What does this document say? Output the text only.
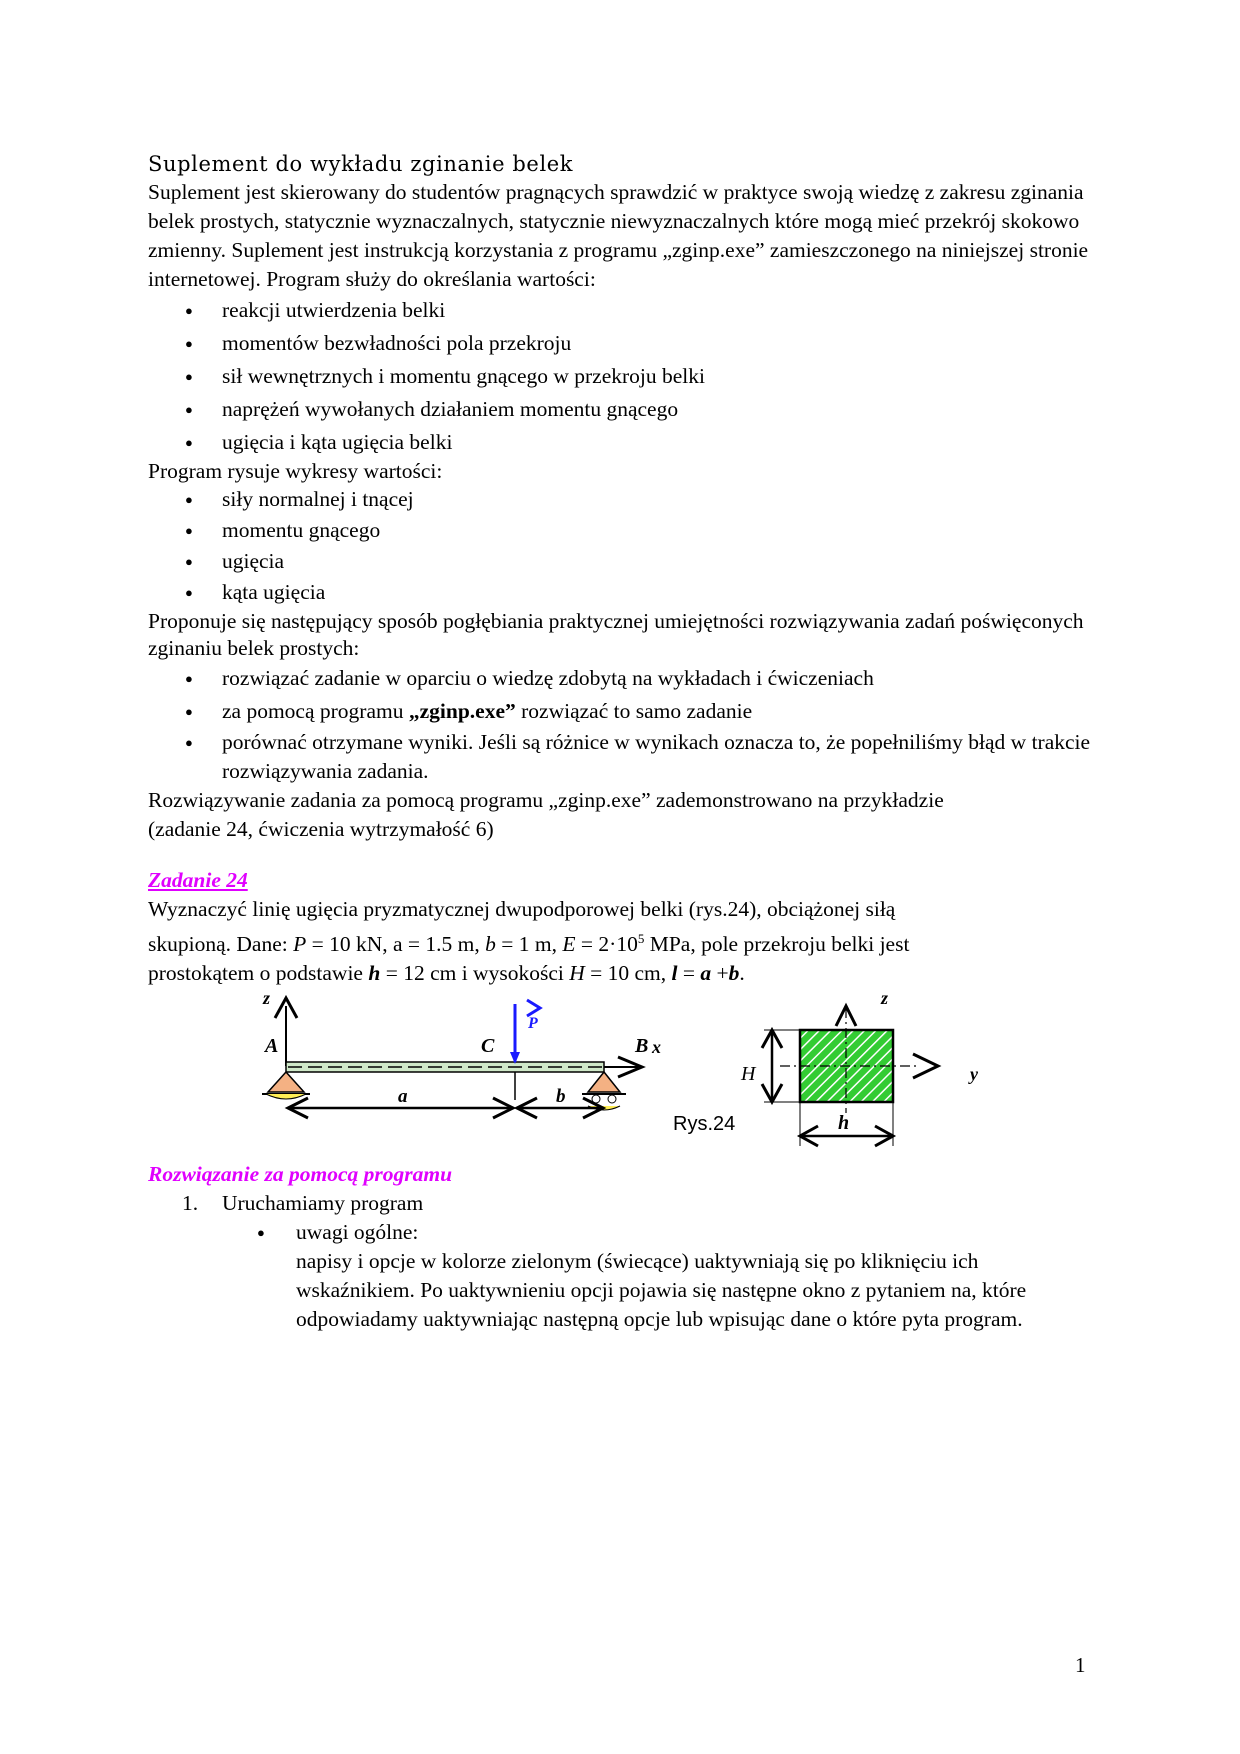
Suplement do wykładu zginanie belek

Suplement jest skierowany do studentów pragnących sprawdzić w praktyce swoją wiedzę z zakresu zginania belek prostych, statycznie wyznaczalnych, statycznie niewyznaczalnych które mogą mieć przekrój skokowo zmienny. Suplement jest instrukcją korzystania z programu „zginp.exe” zamieszczonego na niniejszej stronie internetowej. Program służy do określania wartości:

● reakcji utwierdzenia belki
● momentów bezwładności pola przekroju
● sił wewnętrznych i momentu gnącego w przekroju belki
● naprężeń wywołanych działaniem momentu gnącego
● ugięcia i kąta ugięcia belki

Program rysuje wykresy wartości:

● siły normalnej i tnącej
● momentu gnącego
● ugięcia
● kąta ugięcia

Proponuje się następujący sposób pogłębiania praktycznej umiejętności rozwiązywania zadań poświęconych zginaniu belek prostych:

● rozwiązać zadanie w oparciu o wiedzę zdobytą na wykładach i ćwiczeniach
● za pomocą programu „zginp.exe” rozwiązać to samo zadanie
● porównać otrzymane wyniki. Jeśli są różnice w wynikach oznacza to, że popełniliśmy błąd w trakcie rozwiązywania zadania.

Rozwiązywanie zadania za pomocą programu „zginp.exe” zademonstrowano na przykładzie
(zadanie 24, ćwiczenia wytrzymałość 6)

Zadanie 24

Wyznaczyć linię ugięcia pryzmatycznej dwupodporowej belki (rys.24), obciążonej siłą
skupioną. Dane: P = 10 kN, a = 1.5 m, b = 1 m, $E = 2\cdot 10^5$ MPa, pole przekroju belki jest
prostokątem o podstawie h = 12 cm i wysokości H = 10 cm, l = a +b.

z
A	C	B x
P
a	b
Rys.24
z
y
H
h

Rozwiązanie za pomocą programu

1. Uruchamiamy program
● uwagi ogólne:
napisy i opcje w kolorze zielonym (świecące) uaktywniają się po kliknięciu ich wskaźnikiem. Po uaktywnieniu opcji pojawia się następne okno z pytaniem na, które odpowiadamy uaktywniając następną opcje lub wpisując dane o które pyta program.
1
